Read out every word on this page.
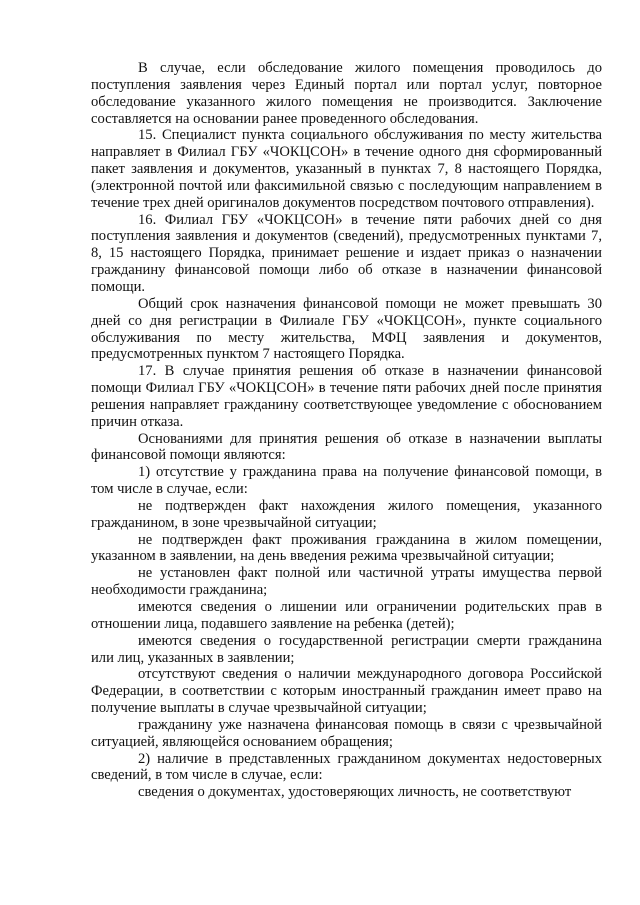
В случае, если обследование жилого помещения проводилось до поступления заявления через Единый портал или портал услуг, повторное обследование указанного жилого помещения не производится. Заключение составляется на основании ранее проведенного обследования.

15. Специалист пункта социального обслуживания по месту жительства направляет в Филиал ГБУ «ЧОКЦСОН» в течение одного дня сформированный пакет заявления и документов, указанный в пунктах 7, 8 настоящего Порядка, (электронной почтой или факсимильной связью с последующим направлением в течение трех дней оригиналов документов посредством почтового отправления).

16. Филиал ГБУ «ЧОКЦСОН» в течение пяти рабочих дней со дня поступления заявления и документов (сведений), предусмотренных пунктами 7, 8, 15 настоящего Порядка, принимает решение и издает приказ о назначении гражданину финансовой помощи либо об отказе в назначении финансовой помощи.

Общий срок назначения финансовой помощи не может превышать 30 дней со дня регистрации в Филиале ГБУ «ЧОКЦСОН», пункте социального обслуживания по месту жительства, МФЦ заявления и документов, предусмотренных пунктом 7 настоящего Порядка.

17. В случае принятия решения об отказе в назначении финансовой помощи Филиал ГБУ «ЧОКЦСОН» в течение пяти рабочих дней после принятия решения направляет гражданину соответствующее уведомление с обоснованием причин отказа.

Основаниями для принятия решения об отказе в назначении выплаты финансовой помощи являются:

1) отсутствие у гражданина права на получение финансовой помощи, в том числе в случае, если:

не подтвержден факт нахождения жилого помещения, указанного гражданином, в зоне чрезвычайной ситуации;

не подтвержден факт проживания гражданина в жилом помещении, указанном в заявлении, на день введения режима чрезвычайной ситуации;

не установлен факт полной или частичной утраты имущества первой необходимости гражданина;

имеются сведения о лишении или ограничении родительских прав в отношении лица, подавшего заявление на ребенка (детей);

имеются сведения о государственной регистрации смерти гражданина или лиц, указанных в заявлении;

отсутствуют сведения о наличии международного договора Российской Федерации, в соответствии с которым иностранный гражданин имеет право на получение выплаты в случае чрезвычайной ситуации;

гражданину уже назначена финансовая помощь в связи с чрезвычайной ситуацией, являющейся основанием обращения;

2) наличие в представленных гражданином документах недостоверных сведений, в том числе в случае, если:

сведения о документах, удостоверяющих личность, не соответствуют
